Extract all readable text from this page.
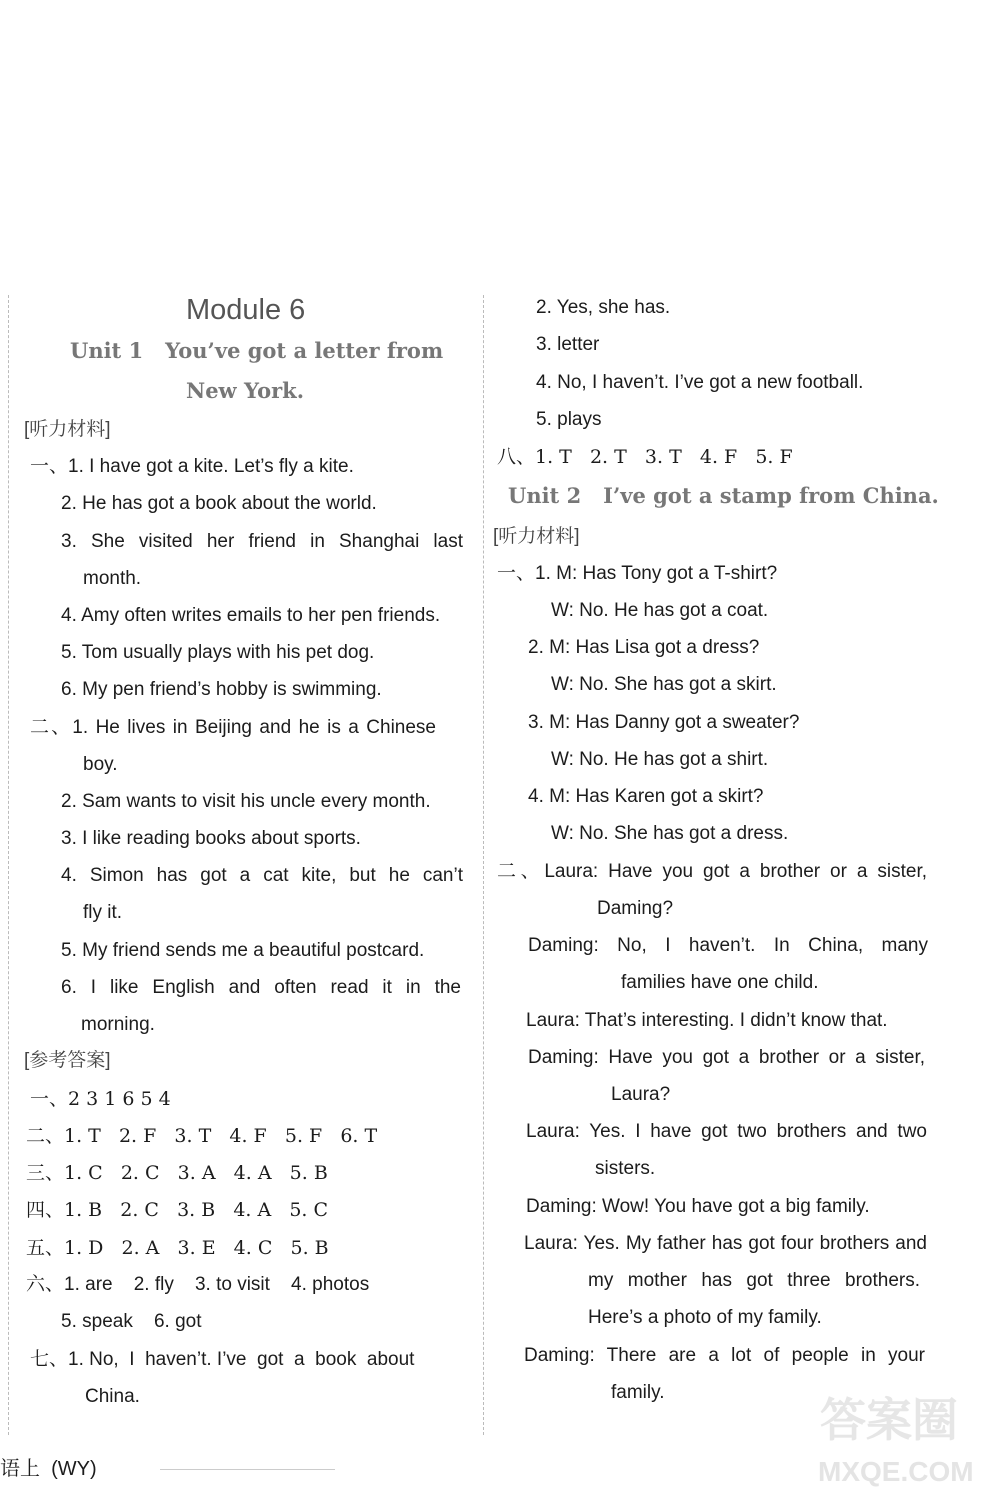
Module 6
Unit 1   You’ve got a letter from
New York.
[听力材料]
一、1. I have got a kite. Let’s fly a kite.
2. He has got a book about the world.
3. She visited her friend in Shanghai last
month.
4. Amy often writes emails to her pen friends.
5. Tom usually plays with his pet dog.
6. My pen friend’s hobby is swimming.
二、1. He lives in Beijing and he is a Chinese
boy.
2. Sam wants to visit his uncle every month.
3. I like reading books about sports.
4. Simon has got a cat kite, but he can’t
fly it.
5. My friend sends me a beautiful postcard.
6. I like English and often read it in the
morning.
[参考答案]
一、2 3 1 6 5 4
二、1. T   2. F   3. T   4. F   5. F   6. T
三、1. C   2. C   3. A   4. A   5. B
四、1. B   2. C   3. B   4. A   5. C
五、1. D   2. A   3. E   4. C   5. B
六、1. are    2. fly    3. to visit    4. photos
5. speak    6. got
七、1. No,  I  haven’t. I’ve  got  a  book  about
China.
2. Yes, she has.
3. letter
4. No, I haven’t. I’ve got a new football.
5. plays
八、1. T   2. T   3. T   4. F   5. F
Unit 2   I’ve got a stamp from China.
[听力材料]
一、1. M: Has Tony got a T-shirt?
W: No. He has got a coat.
2. M: Has Lisa got a dress?
W: No. She has got a skirt.
3. M: Has Danny got a sweater?
W: No. He has got a shirt.
4. M: Has Karen got a skirt?
W: No. She has got a dress.
二、Laura: Have you got a brother or a sister,
Daming?
Daming: No, I haven’t. In China, many
families have one child.
Laura: That’s interesting. I didn’t know that.
Daming: Have you got a brother or a sister,
Laura?
Laura: Yes. I have got two brothers and two
sisters.
Daming: Wow! You have got a big family.
Laura: Yes. My father has got four brothers and
my mother has got three brothers.
Here’s a photo of my family.
Daming: There are a lot of people in your
family.
语上  (WY)
答案圈
MXQE.COM
